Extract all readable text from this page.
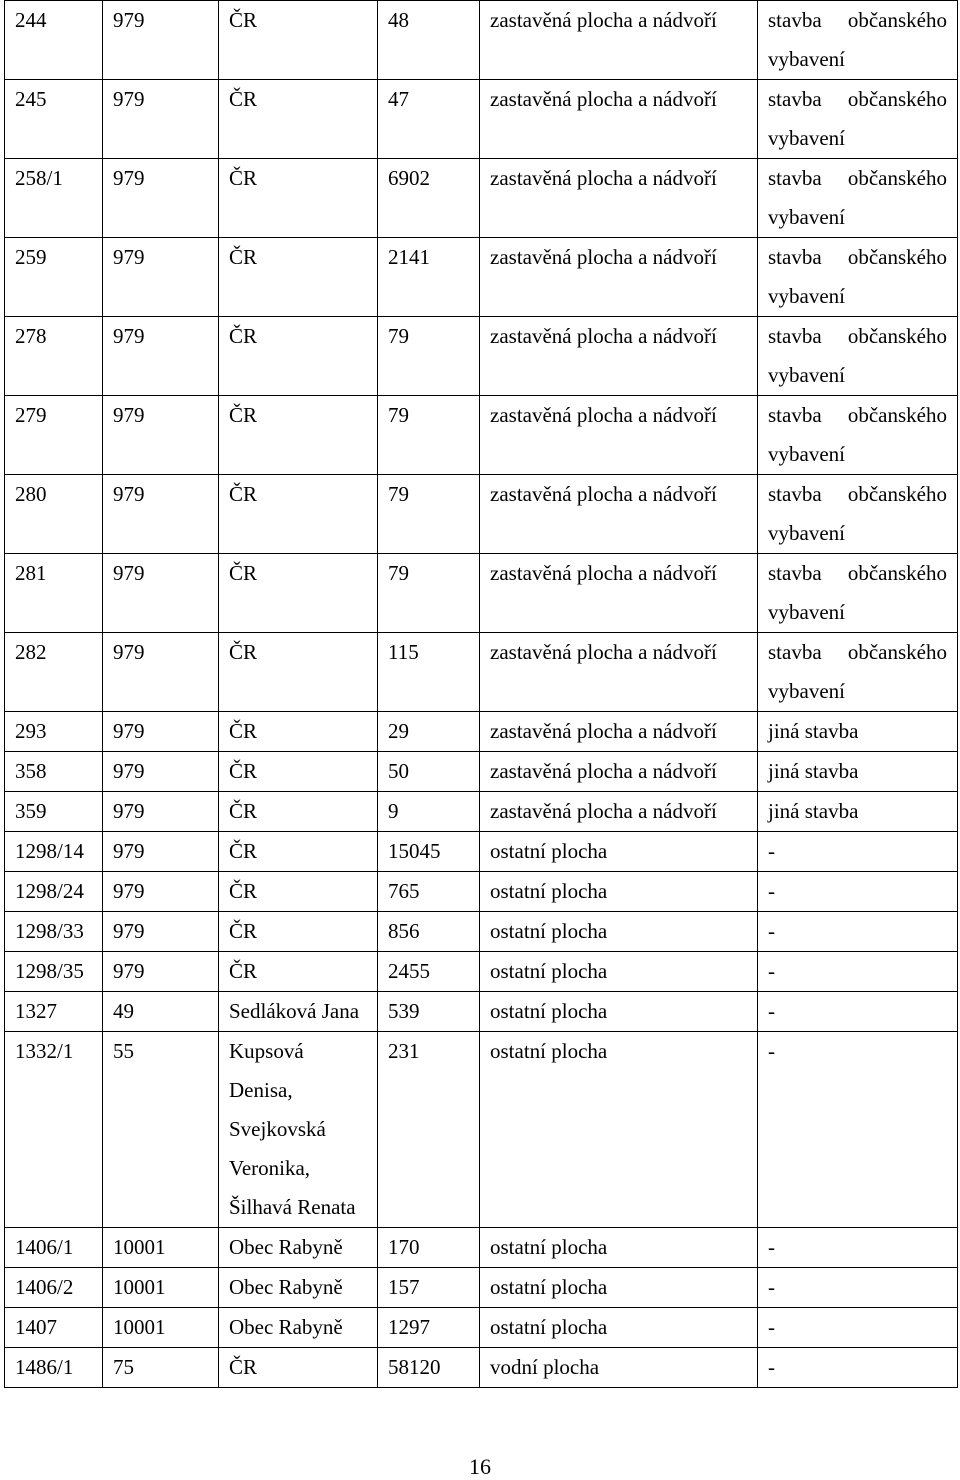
244	979	ČR	48	zastavěná plocha a nádvoří	stavba občanského vybavení
245	979	ČR	47	zastavěná plocha a nádvoří	stavba občanského vybavení
258/1	979	ČR	6902	zastavěná plocha a nádvoří	stavba občanského vybavení
259	979	ČR	2141	zastavěná plocha a nádvoří	stavba občanského vybavení
278	979	ČR	79	zastavěná plocha a nádvoří	stavba občanského vybavení
279	979	ČR	79	zastavěná plocha a nádvoří	stavba občanského vybavení
280	979	ČR	79	zastavěná plocha a nádvoří	stavba občanského vybavení
281	979	ČR	79	zastavěná plocha a nádvoří	stavba občanského vybavení
282	979	ČR	115	zastavěná plocha a nádvoří	stavba občanského vybavení
293	979	ČR	29	zastavěná plocha a nádvoří	jiná stavba
358	979	ČR	50	zastavěná plocha a nádvoří	jiná stavba
359	979	ČR	9	zastavěná plocha a nádvoří	jiná stavba
1298/14	979	ČR	15045	ostatní plocha	-
1298/24	979	ČR	765	ostatní plocha	-
1298/33	979	ČR	856	ostatní plocha	-
1298/35	979	ČR	2455	ostatní plocha	-
1327	49	Sedláková Jana	539	ostatní plocha	-
1332/1	55	Kupsová Denisa, Svejkovská Veronika, Šilhavá Renata	231	ostatní plocha	-
1406/1	10001	Obec Rabyně	170	ostatní plocha	-
1406/2	10001	Obec Rabyně	157	ostatní plocha	-
1407	10001	Obec Rabyně	1297	ostatní plocha	-
1486/1	75	ČR	58120	vodní plocha	-
16
